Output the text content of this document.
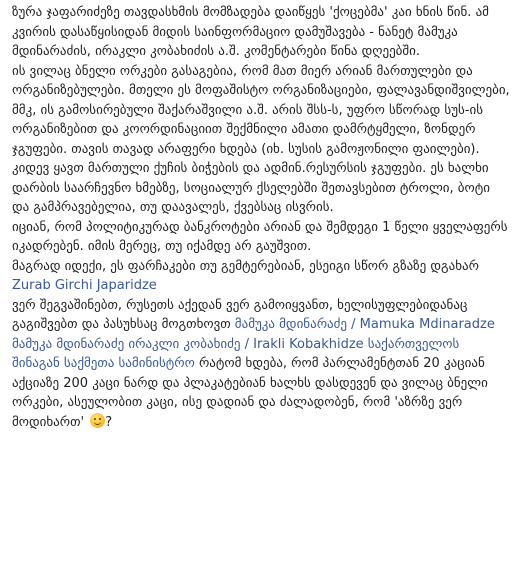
ზურა ჯაფარიძეზე თავდასხმის მომზადება დაიწყეს 'ქოცებმა' კაი ხნის წინ. ამ კვირის დასაწყისიდან მიდის საინფორმაციო დამუშავება - ნანეტ მამუკა მდინარაძის, ირაკლი კობახიძის ა.შ. კომენტარები წინა დღეებში.

ის ვილაც ბნელი ორკები გასაგებია, რომ მათ მიერ არიან მართულები და ორგანიზებულები. მთელი ეს მოფაშისტო ორგანიზაციები, ფალავანდიშვილები, მმკ, ის გამოსირებული შაქარაშვილი ა.შ. არის შსს-ს, უფრო სწორად სუს-ის ორგანიზებით და კოორდინაციით შექმნილი ამათი დამრტყმელი, ზონდერ ჯგუფები. თავის თავად არაფერი ხდება (იხ. სუსის გამოჟონილი ფაილები). კიდევ ყავთ მართული ქუჩის ბიჭების და ადმინ.რესურსის ჯგუფები. ეს ხალხი დარბის საარჩევნო ხმებზე, სოციალურ ქსელებში შეთავსებით ტროლი, ბოტი და გამპრავებელია, თუ დაავალეს, ქვებსაც ისვრის.

იციან, რომ პოლიტიკურად ბანკროტები არიან და შემდეგი 1 წელი ყველაფერს იკადრებენ. იმის მერეც, თუ იქამდე არ გაუშვით.

მაგრად იდექი, ეს ფარჩაკები თუ გემტერებიან, ესეიგი სწორ გზაზე დგახარ Zurab Girchi Japaridze

ვერ შეგვაშინებთ, რუსეთს აქედან ვერ გამოიყვანთ, ხელისუფლებიდანაც გაგიშვებთ და პასუხსაც მოგთხოვთ მამუკა მდინარაძე / Mamuka Mdinaradze მამუკა მდინარაძე ირაკლი კობახიძე / Irakli Kobakhidze საქართველოს შინაგან საქმეთა სამინისტრო რატომ ხდება, რომ პარლამენტთან 20 კაციან აქციაზე 200 კაცი ნარდ და პლაკატებიან ხალხს დასდევენ და ვილაც ბნელი ორკები, ასეულობით კაცი, ისე დადიან და ძალადობენ, რომ 'აზრზე ვერ მოდიხართ' ?
